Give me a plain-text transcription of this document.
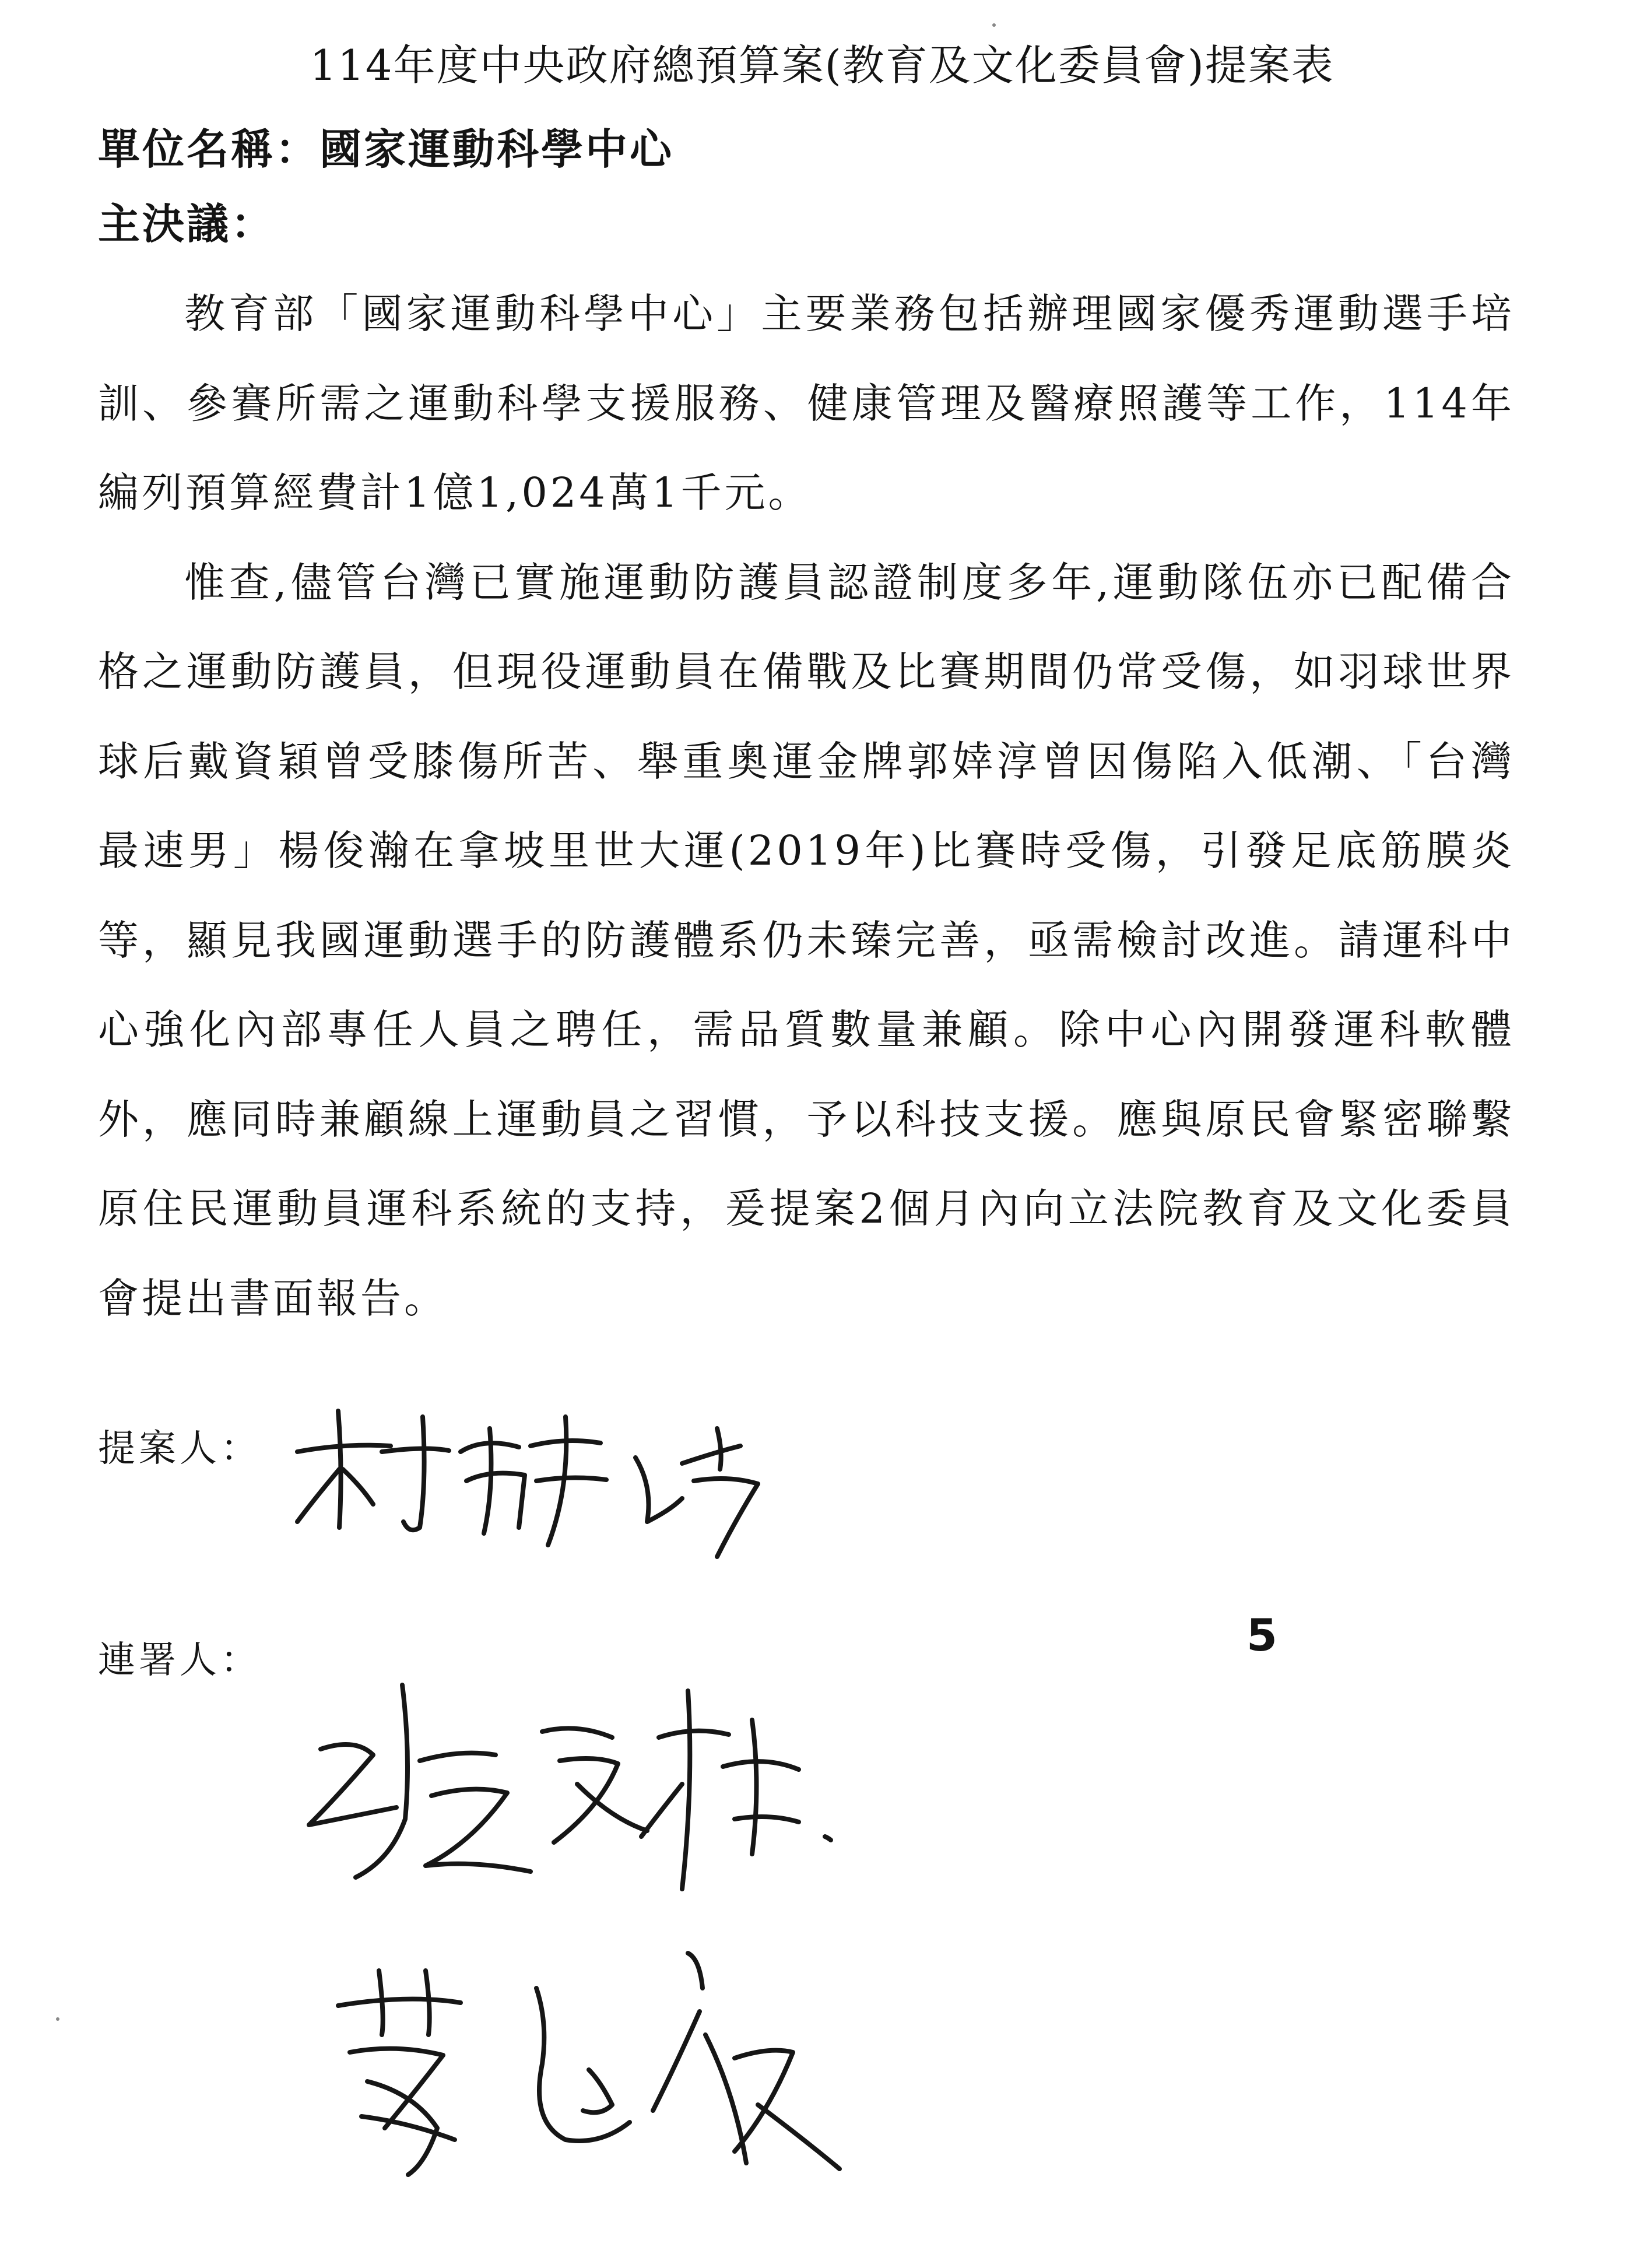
114年度中央政府總預算案(教育及文化委員會)提案表
單位名稱：國家運動科學中心
主決議：

教育部「國家運動科學中心」主要業務包括辦理國家優秀運動選手培訓、參賽所需之運動科學支援服務、健康管理及醫療照護等工作，114年編列預算經費計1億1,024萬1千元。

惟查,儘管台灣已實施運動防護員認證制度多年,運動隊伍亦已配備合格之運動防護員，但現役運動員在備戰及比賽期間仍常受傷，如羽球世界球后戴資穎曾受膝傷所苦、舉重奧運金牌郭婞淳曾因傷陷入低潮、「台灣最速男」楊俊瀚在拿坡里世大運(2019年)比賽時受傷，引發足底筋膜炎等，顯見我國運動選手的防護體系仍未臻完善，亟需檢討改進。請運科中心強化內部專任人員之聘任，需品質數量兼顧。除中心內開發運科軟體外，應同時兼顧線上運動員之習慣，予以科技支援。應與原民會緊密聯繫原住民運動員運科系統的支持，爰提案2個月內向立法院教育及文化委員會提出書面報告。

提案人：
連署人：	5
